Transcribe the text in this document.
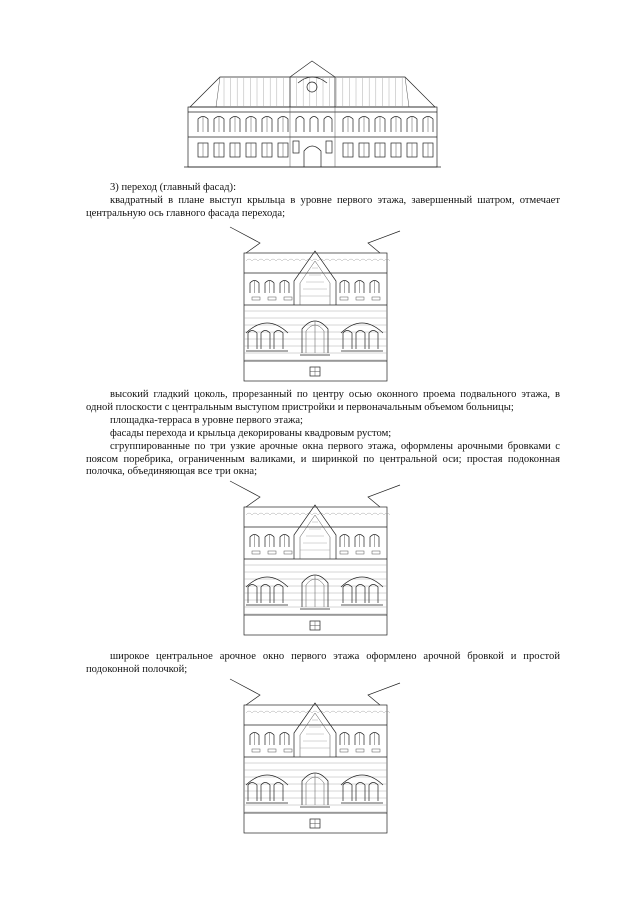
3) переход (главный фасад):

квадратный в плане выступ крыльца в уровне первого этажа, завершенный шатром, отмечает центральную ось главного фасада перехода;

высокий гладкий цоколь, прорезанный по центру осью оконного проема подвального этажа, в одной плоскости с центральным выступом пристройки и первоначальным объемом больницы;

площадка-терраса в уровне первого этажа;

фасады перехода и крыльца декорированы квадровым рустом;

сгруппированные по три узкие арочные окна первого этажа, оформлены арочными бровками с поясом поребрика, ограниченным валиками, и ширинкой по центральной оси; простая подоконная полочка, объединяющая все три окна;

широкое центральное арочное окно первого этажа оформлено арочной бровкой и простой подоконной полочкой;
